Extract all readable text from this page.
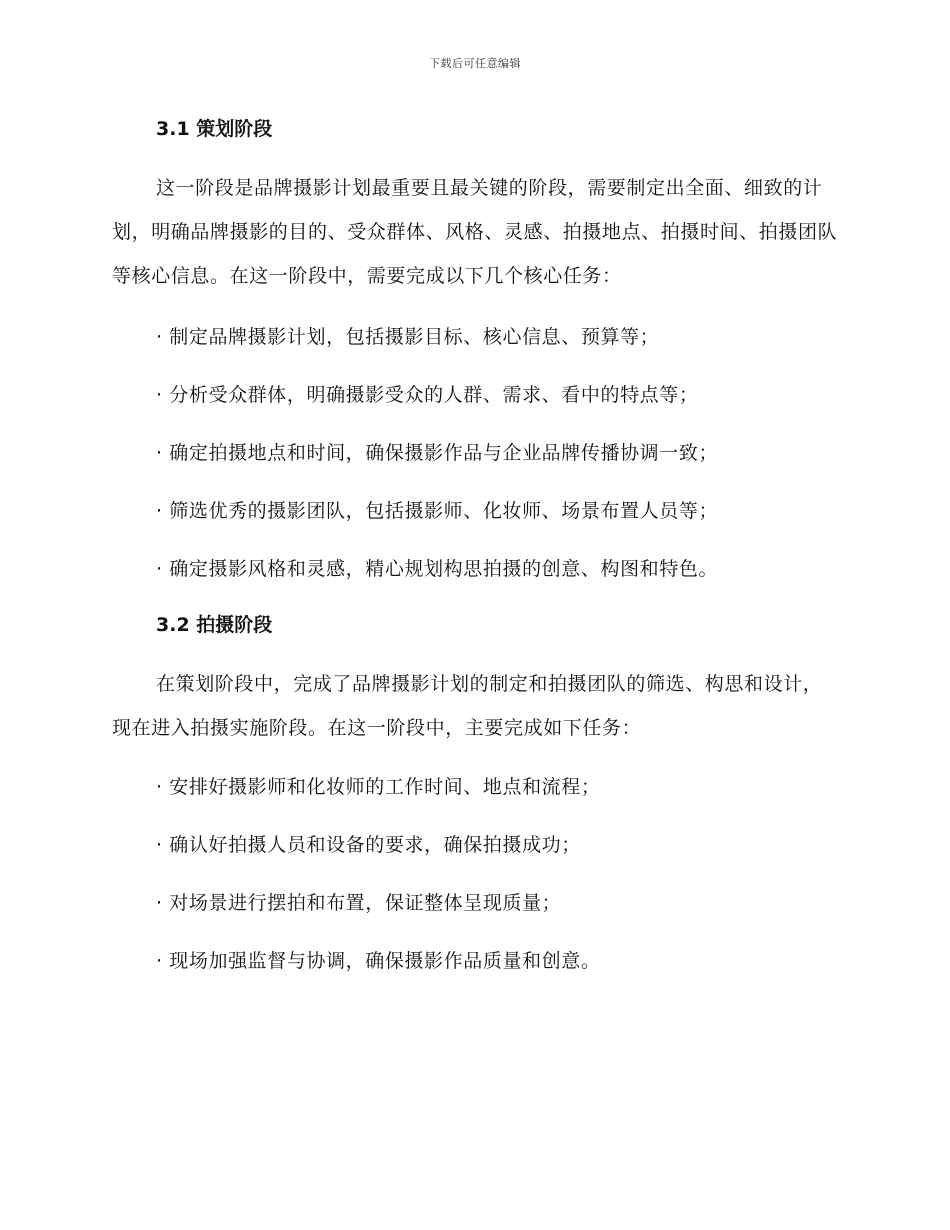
下载后可任意编辑
3.1 策划阶段

这一阶段是品牌摄影计划最重要且最关键的阶段，需要制定出全面、细致的计划，明确品牌摄影的目的、受众群体、风格、灵感、拍摄地点、拍摄时间、拍摄团队等核心信息。在这一阶段中，需要完成以下几个核心任务：

· 制定品牌摄影计划，包括摄影目标、核心信息、预算等；

· 分析受众群体，明确摄影受众的人群、需求、看中的特点等；

· 确定拍摄地点和时间，确保摄影作品与企业品牌传播协调一致；

· 筛选优秀的摄影团队，包括摄影师、化妆师、场景布置人员等；

· 确定摄影风格和灵感，精心规划构思拍摄的创意、构图和特色。

3.2 拍摄阶段

在策划阶段中，完成了品牌摄影计划的制定和拍摄团队的筛选、构思和设计，现在进入拍摄实施阶段。在这一阶段中，主要完成如下任务：

· 安排好摄影师和化妆师的工作时间、地点和流程；

· 确认好拍摄人员和设备的要求，确保拍摄成功；

· 对场景进行摆拍和布置，保证整体呈现质量；

· 现场加强监督与协调，确保摄影作品质量和创意。
